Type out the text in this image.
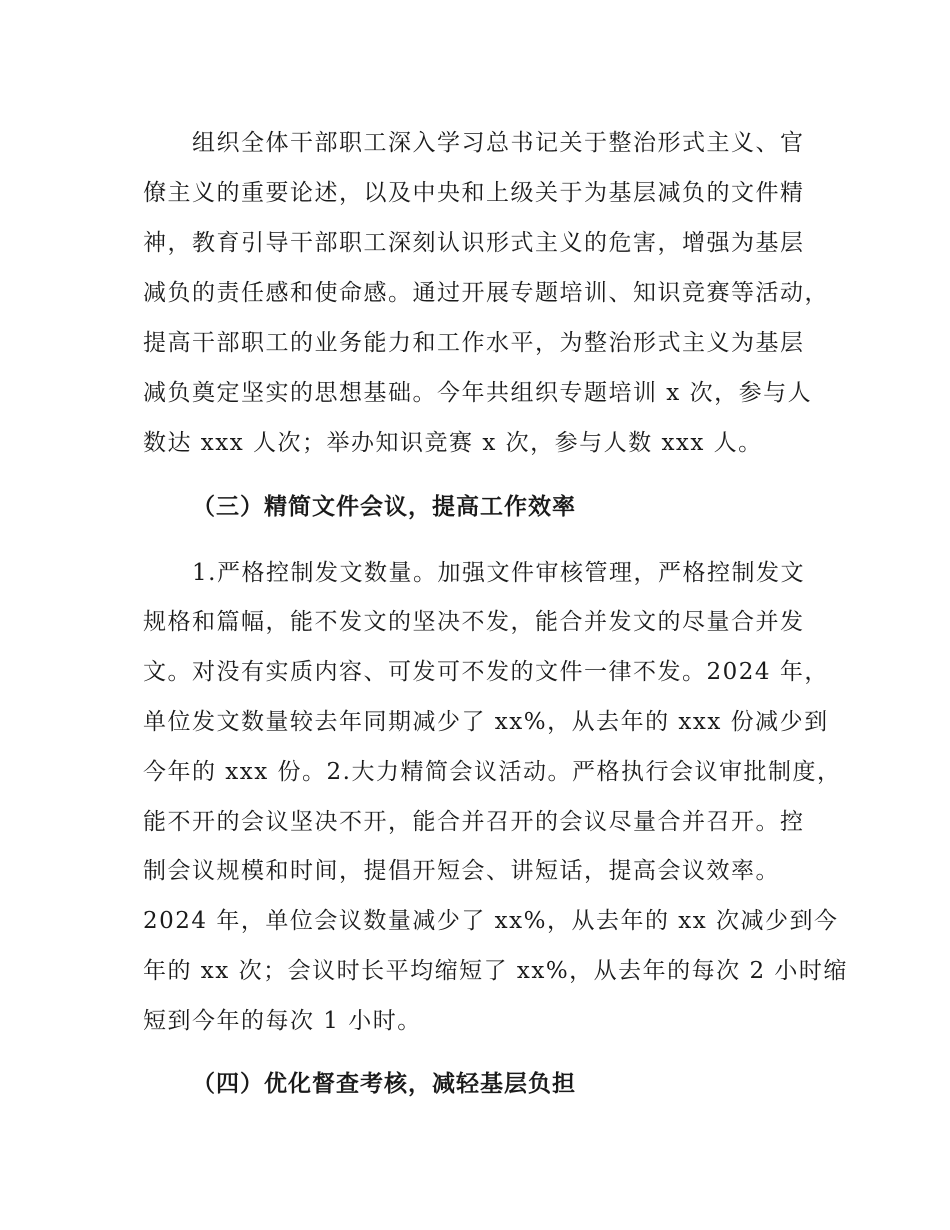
组织全体干部职工深入学习总书记关于整治形式主义、官
僚主义的重要论述，以及中央和上级关于为基层减负的文件精
神，教育引导干部职工深刻认识形式主义的危害，增强为基层
减负的责任感和使命感。通过开展专题培训、知识竞赛等活动，
提高干部职工的业务能力和工作水平，为整治形式主义为基层
减负奠定坚实的思想基础。今年共组织专题培训 x 次，参与人
数达 xxx 人次；举办知识竞赛 x 次，参与人数 xxx 人。
（三）精简文件会议，提高工作效率
1.严格控制发文数量。加强文件审核管理，严格控制发文
规格和篇幅，能不发文的坚决不发，能合并发文的尽量合并发
文。对没有实质内容、可发可不发的文件一律不发。2024 年，
单位发文数量较去年同期减少了 xx%，从去年的 xxx 份减少到
今年的 xxx 份。2.大力精简会议活动。严格执行会议审批制度，
能不开的会议坚决不开，能合并召开的会议尽量合并召开。控
制会议规模和时间，提倡开短会、讲短话，提高会议效率。
2024 年，单位会议数量减少了 xx%，从去年的 xx 次减少到今
年的 xx 次；会议时长平均缩短了 xx%，从去年的每次 2 小时缩
短到今年的每次 1 小时。
（四）优化督查考核，减轻基层负担
